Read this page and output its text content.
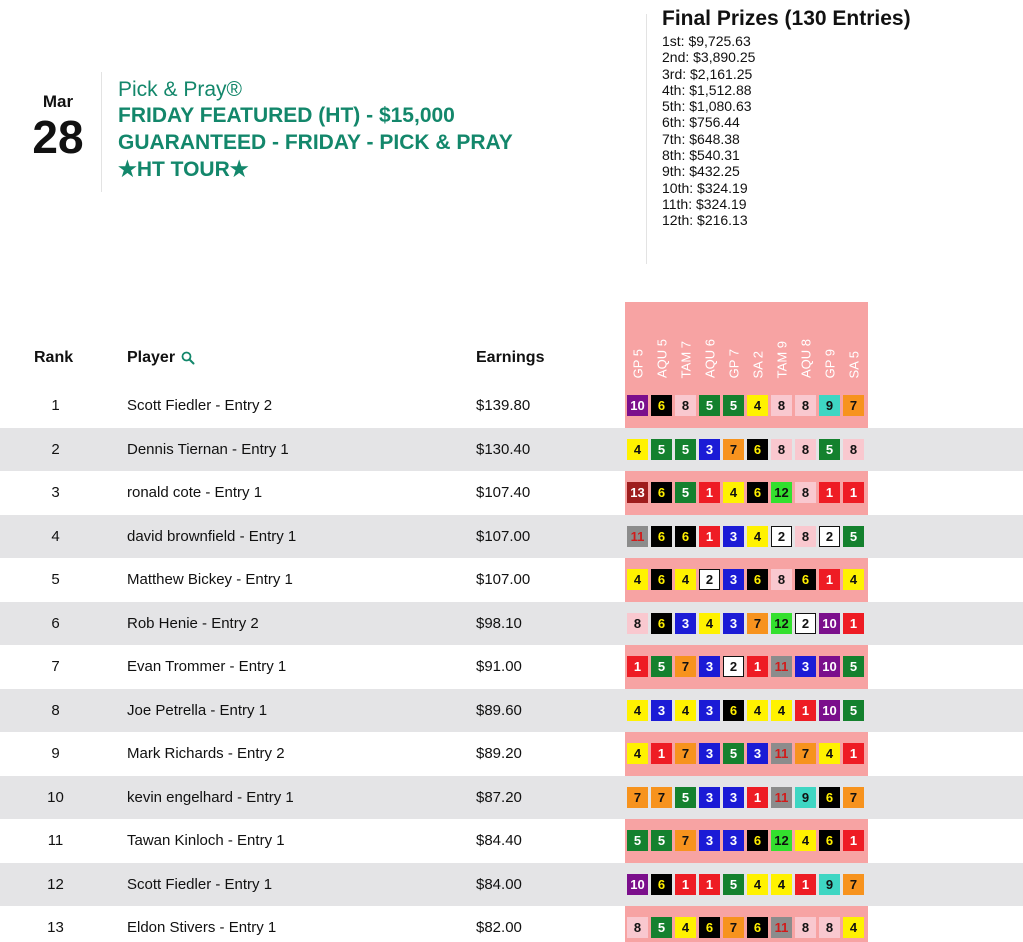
Mar
28
Pick & Pray®
FRIDAY FEATURED (HT) - $15,000
GUARANTEED - FRIDAY - PICK & PRAY
★HT TOUR★
Final Prizes (130 Entries)
1st: $9,725.63
2nd: $3,890.25
3rd: $2,161.25
4th: $1,512.88
5th: $1,080.63
6th: $756.44
7th: $648.38
8th: $540.31
9th: $432.25
10th: $324.19
11th: $324.19
12th: $216.13
GP 5 AQU 5 TAM 7 AQU 6 GP 7 SA 2 TAM 9 AQU 8 GP 9 SA 5
Rank	Player	Earnings
1	Scott Fiedler - Entry 2	$139.80	10	6	8	5	5	4	8	8	9	7
2	Dennis Tiernan - Entry 1	$130.40	4	5	5	3	7	6	8	8	5	8
3	ronald cote - Entry 1	$107.40	13	6	5	1	4	6	12	8	1	1
4	david brownfield - Entry 1	$107.00	11	6	6	1	3	4	2	8	2	5
5	Matthew Bickey - Entry 1	$107.00	4	6	4	2	3	6	8	6	1	4
6	Rob Henie - Entry 2	$98.10	8	6	3	4	3	7	12	2	10	1
7	Evan Trommer - Entry 1	$91.00	1	5	7	3	2	1	11	3	10	5
8	Joe Petrella - Entry 1	$89.60	4	3	4	3	6	4	4	1	10	5
9	Mark Richards - Entry 2	$89.20	4	1	7	3	5	3	11	7	4	1
10	kevin engelhard - Entry 1	$87.20	7	7	5	3	3	1	11	9	6	7
11	Tawan Kinloch - Entry 1	$84.40	5	5	7	3	3	6	12	4	6	1
12	Scott Fiedler - Entry 1	$84.00	10	6	1	1	5	4	4	1	9	7
13	Eldon Stivers - Entry 1	$82.00	8	5	4	6	7	6	11	8	8	4
